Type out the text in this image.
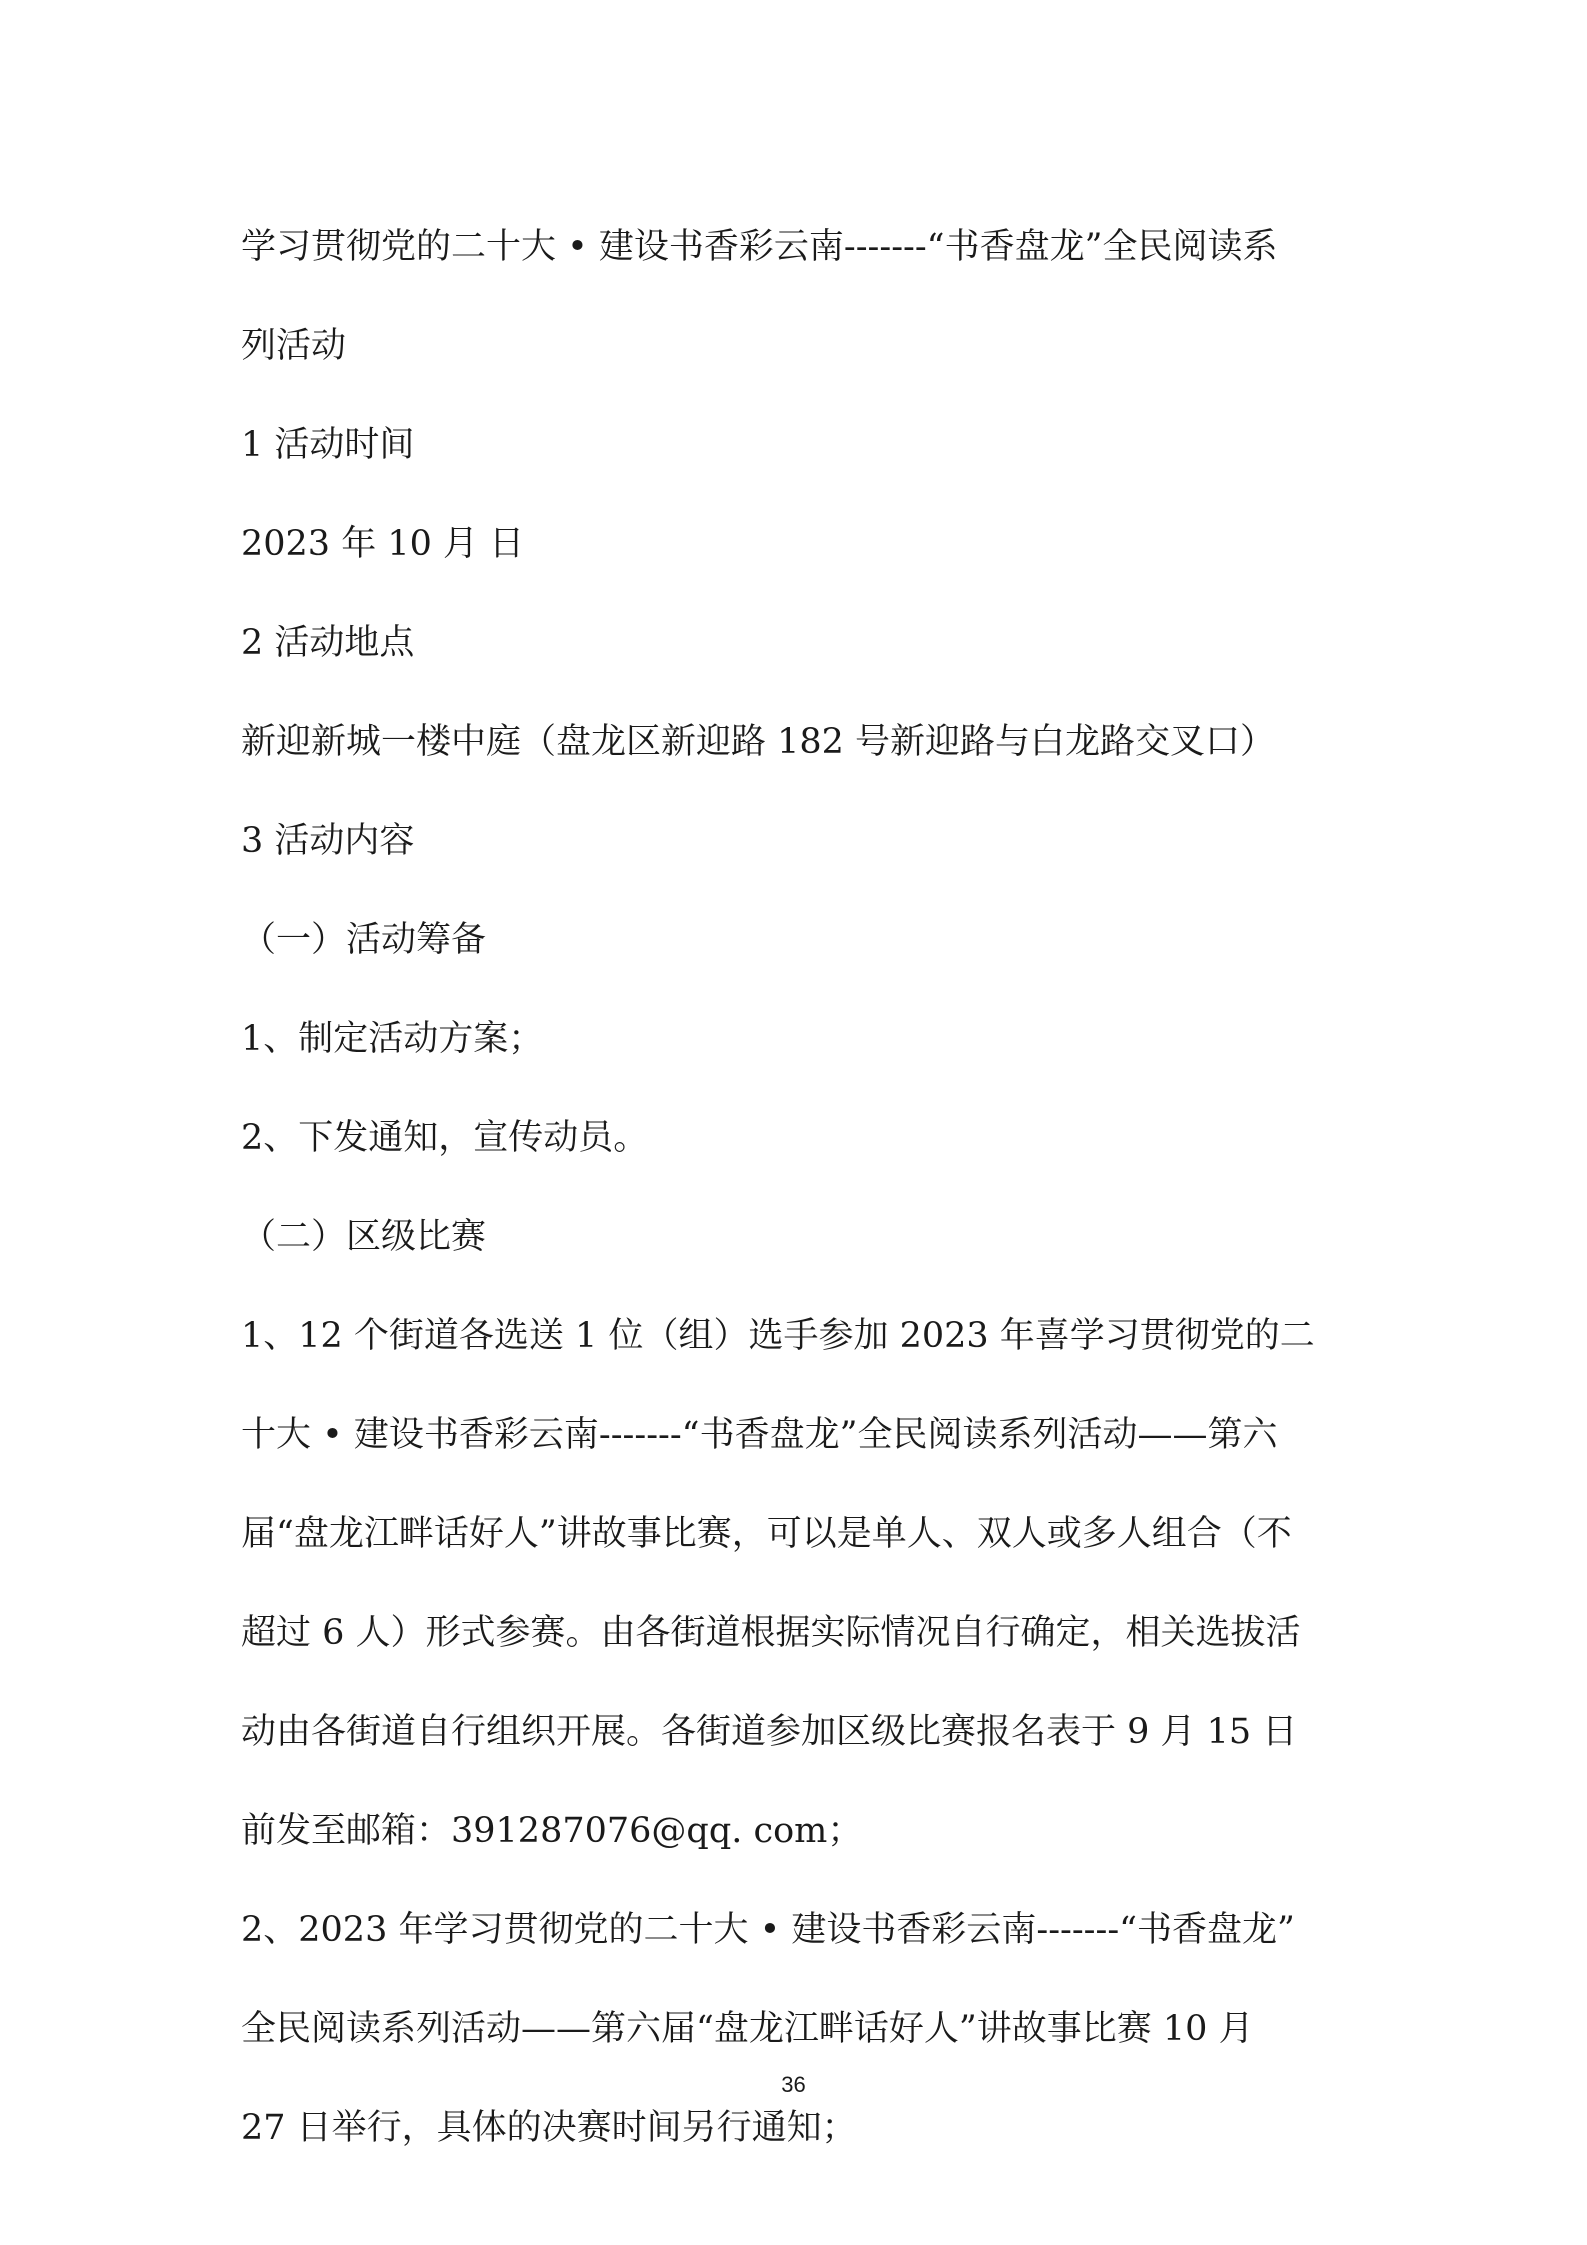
学习贯彻党的二十大 • 建设书香彩云南-------“书香盘龙”全民阅读系

列活动

1 活动时间

2023 年 10 月 日

2 活动地点

新迎新城一楼中庭（盘龙区新迎路 182 号新迎路与白龙路交叉口）

3 活动内容

（一）活动筹备

1、制定活动方案；

2、下发通知，宣传动员。

（二）区级比赛

1、12 个街道各选送 1 位（组）选手参加 2023 年喜学习贯彻党的二

十大 • 建设书香彩云南-------“书香盘龙”全民阅读系列活动——第六

届“盘龙江畔话好人”讲故事比赛，可以是单人、双人或多人组合（不

超过 6 人）形式参赛。由各街道根据实际情况自行确定，相关选拔活

动由各街道自行组织开展。各街道参加区级比赛报名表于 9 月 15 日

前发至邮箱：391287076@qq. com；

2、2023 年学习贯彻党的二十大 • 建设书香彩云南-------“书香盘龙”

全民阅读系列活动——第六届“盘龙江畔话好人”讲故事比赛 10 月

27 日举行，具体的决赛时间另行通知；

36
